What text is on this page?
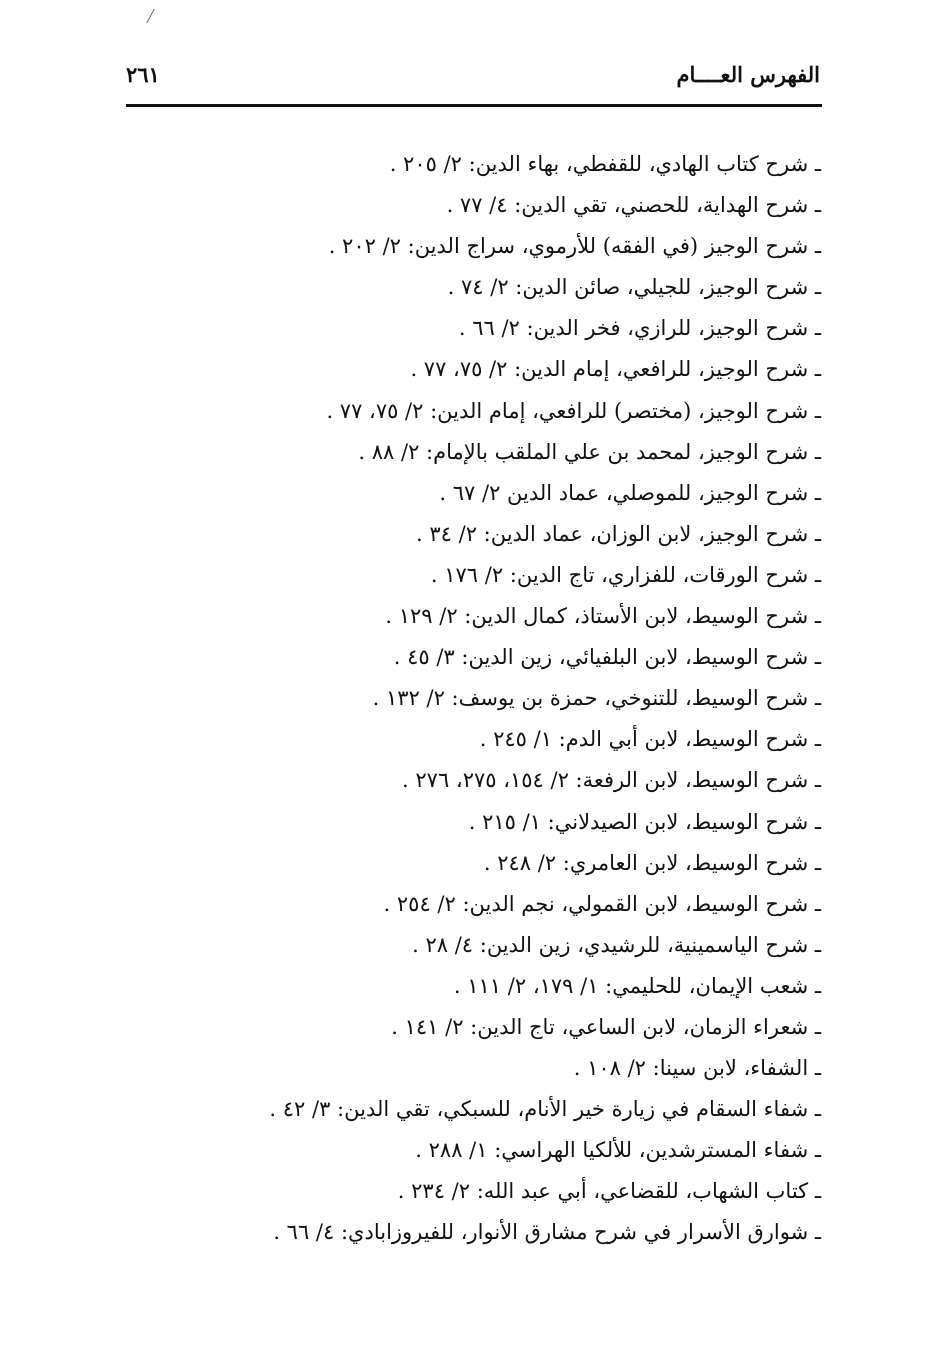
الفهرس العــــام
٢٦١
ـ شرح كتاب الهادي، للقفطي، بهاء الدين: ٢/ ٢٠٥ .
ـ شرح الهداية، للحصني، تقي الدين: ٤/ ٧٧ .
ـ شرح الوجيز (في الفقه) للأرموي، سراج الدين: ٢/ ٢٠٢ .
ـ شرح الوجيز، للجيلي، صائن الدين: ٢/ ٧٤ .
ـ شرح الوجيز، للرازي، فخر الدين: ٢/ ٦٦ .
ـ شرح الوجيز، للرافعي، إمام الدين: ٢/ ٧٥، ٧٧ .
ـ شرح الوجيز، (مختصر) للرافعي، إمام الدين: ٢/ ٧٥، ٧٧ .
ـ شرح الوجيز، لمحمد بن علي الملقب بالإمام: ٢/ ٨٨ .
ـ شرح الوجيز، للموصلي، عماد الدين ٢/ ٦٧ .
ـ شرح الوجيز، لابن الوزان، عماد الدين: ٢/ ٣٤ .
ـ شرح الورقات، للفزاري، تاج الدين: ٢/ ١٧٦ .
ـ شرح الوسيط، لابن الأستاذ، كمال الدين: ٢/ ١٢٩ .
ـ شرح الوسيط، لابن البلفيائي، زين الدين: ٣/ ٤٥ .
ـ شرح الوسيط، للتنوخي، حمزة بن يوسف: ٢/ ١٣٢ .
ـ شرح الوسيط، لابن أبي الدم: ١/ ٢٤٥ .
ـ شرح الوسيط، لابن الرفعة: ٢/ ١٥٤، ٢٧٥، ٢٧٦ .
ـ شرح الوسيط، لابن الصيدلاني: ١/ ٢١٥ .
ـ شرح الوسيط، لابن العامري: ٢/ ٢٤٨ .
ـ شرح الوسيط، لابن القمولي، نجم الدين: ٢/ ٢٥٤ .
ـ شرح الياسمينية، للرشيدي، زين الدين: ٤/ ٢٨ .
ـ شعب الإيمان، للحليمي: ١/ ١٧٩، ٢/ ١١١ .
ـ شعراء الزمان، لابن الساعي، تاج الدين: ٢/ ١٤١ .
ـ الشفاء، لابن سينا: ٢/ ١٠٨ .
ـ شفاء السقام في زيارة خير الأنام، للسبكي، تقي الدين: ٣/ ٤٢ .
ـ شفاء المسترشدين، للألكيا الهراسي: ١/ ٢٨٨ .
ـ كتاب الشهاب، للقضاعي، أبي عبد الله: ٢/ ٢٣٤ .
ـ شوارق الأسرار في شرح مشارق الأنوار، للفيروزابادي: ٤/ ٦٦ .
